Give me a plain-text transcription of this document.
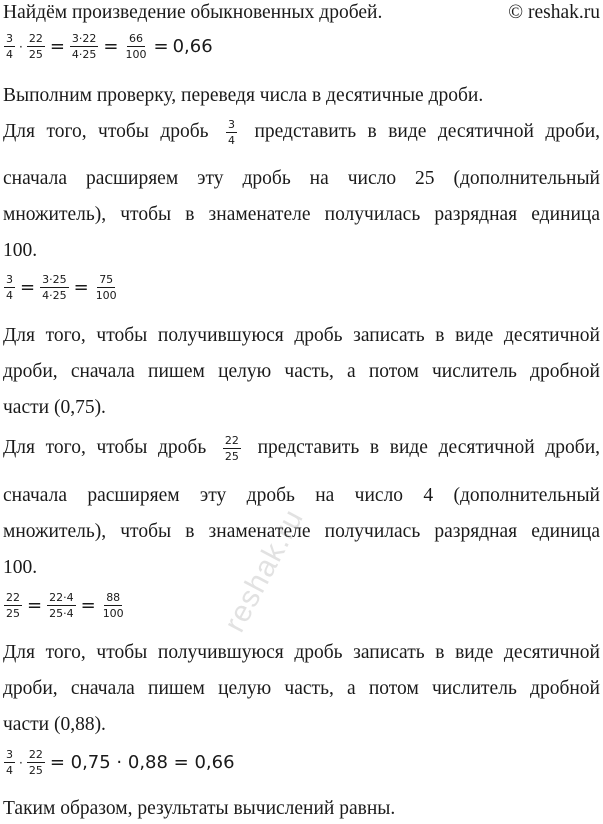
Найдём произведение обыкновенных дробей.	© reshak.ru
$\frac{3}{4} \cdot \frac{22}{25} = \frac{3\cdot 22}{4\cdot 25} = \frac{66}{100} = 0,66$
Выполним проверку, переведя числа в десятичные дроби.
Для того, чтобы дробь $\frac{3}{4}$ представить в виде десятичной дроби,
сначала расширяем эту дробь на число 25 (дополнительный
множитель), чтобы в знаменателе получилась разрядная единица
100.
$\frac{3}{4} = \frac{3\cdot 25}{4\cdot 25} = \frac{75}{100}$
Для того, чтобы получившуюся дробь записать в виде десятичной
дроби, сначала пишем целую часть, а потом числитель дробной
части (0,75).
Для того, чтобы дробь $\frac{22}{25}$ представить в виде десятичной дроби,
сначала расширяем эту дробь на число 4 (дополнительный
множитель), чтобы в знаменателе получилась разрядная единица
100.
$\frac{22}{25} = \frac{22\cdot 4}{25\cdot 4} = \frac{88}{100}$
Для того, чтобы получившуюся дробь записать в виде десятичной
дроби, сначала пишем целую часть, а потом числитель дробной
части (0,88).
$\frac{3}{4} \cdot \frac{22}{25} = 0,75 \cdot 0,88 = 0,66$
Таким образом, результаты вычислений равны.
reshak.ru
